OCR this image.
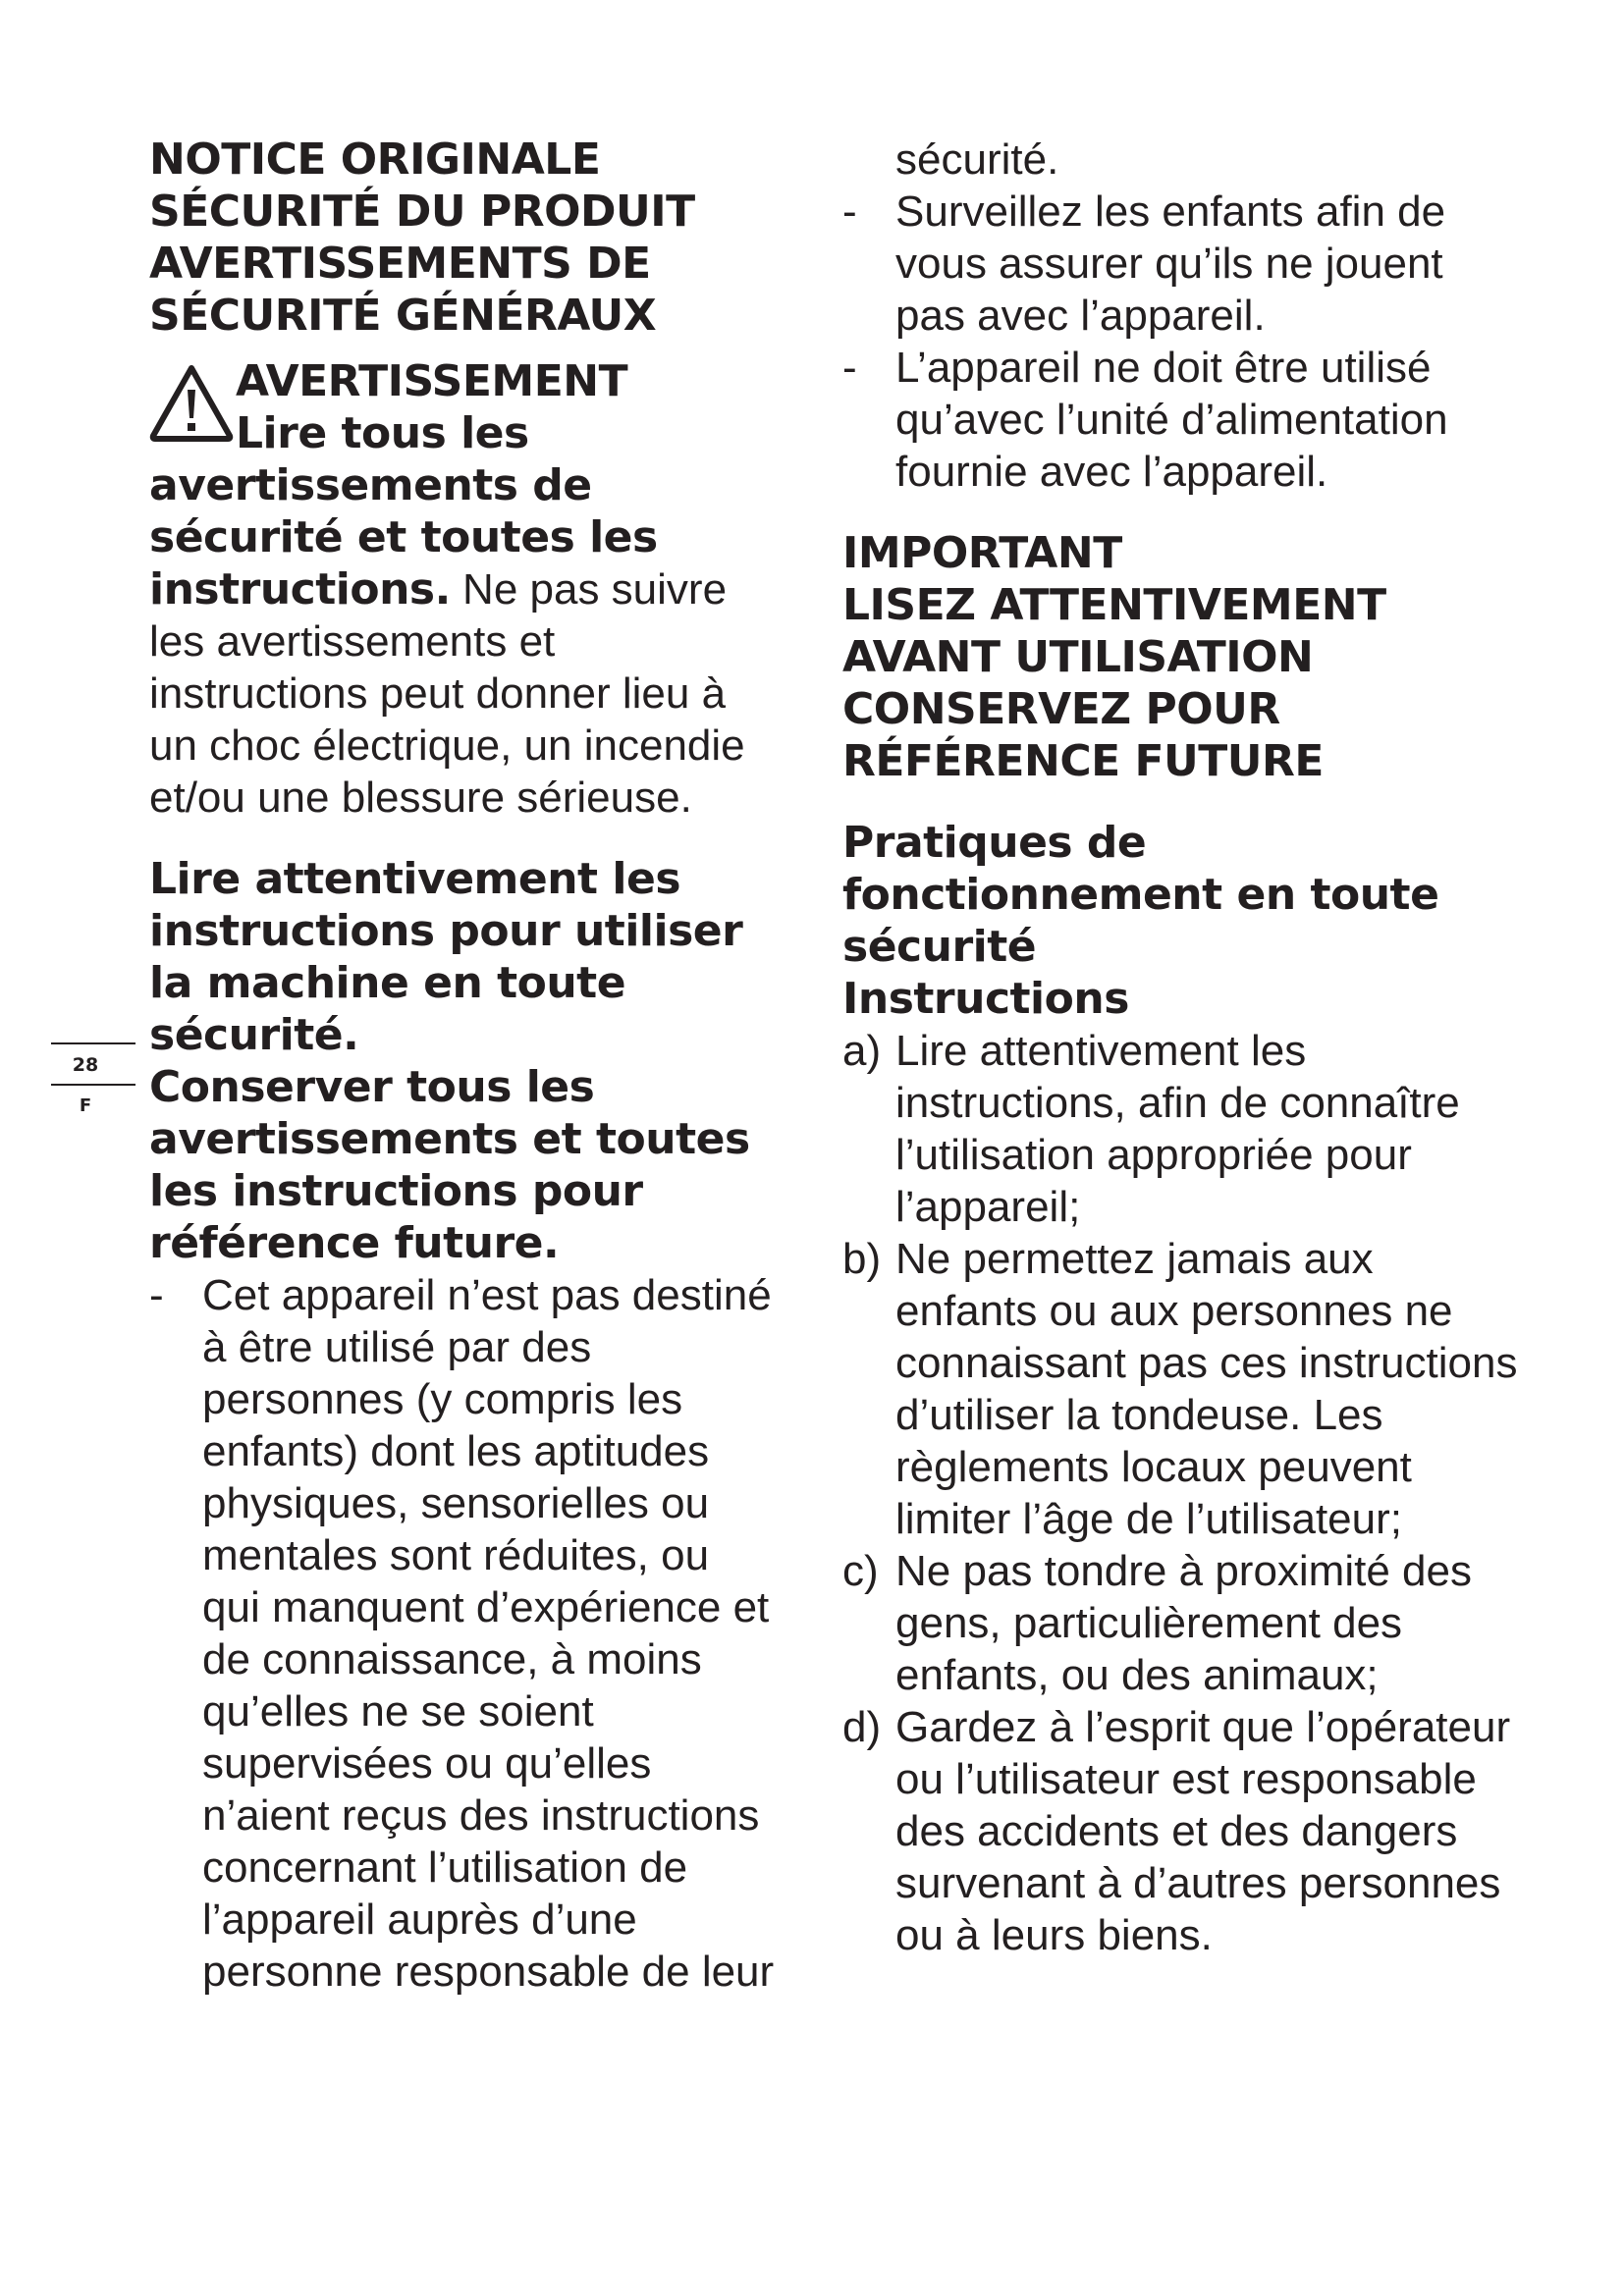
28
F

NOTICE ORIGINALE

SÉCURITÉ DU PRODUIT

AVERTISSEMENTS DE

SÉCURITÉ GÉNÉRAUX

AVERTISSEMENT

Lire tous les avertissements de sécurité et toutes les instructions. Ne pas suivre les avertissements et instructions peut donner lieu à un choc électrique, un incendie et/ou une blessure sérieuse.

Lire attentivement les instructions pour utiliser la machine en toute sécurité.

Conserver tous les avertissements et toutes les instructions pour référence future.

- Cet appareil n’est pas destiné à être utilisé par des personnes (y compris les enfants) dont les aptitudes physiques, sensorielles ou mentales sont réduites, ou qui manquent d’expérience et de connaissance, à moins qu’elles ne se soient supervisées ou qu’elles n’aient reçus des instructions concernant l’utilisation de l’appareil auprès d’une personne responsable de leur

sécurité.

- Surveillez les enfants afin de vous assurer qu’ils ne jouent pas avec l’appareil.
- L’appareil ne doit être utilisé qu’avec l’unité d’alimentation fournie avec l’appareil.

IMPORTANT

LISEZ ATTENTIVEMENT

AVANT UTILISATION

CONSERVEZ POUR

RÉFÉRENCE FUTURE

Pratiques de fonctionnement en toute sécurité

Instructions

a) Lire attentivement les instructions, afin de connaître l’utilisation appropriée pour l’appareil;
b) Ne permettez jamais aux enfants ou aux personnes ne connaissant pas ces instructions d’utiliser la tondeuse. Les règlements locaux peuvent limiter l’âge de l’utilisateur;
c) Ne pas tondre à proximité des gens, particulièrement des enfants, ou des animaux;
d) Gardez à l’esprit que l’opérateur ou l’utilisateur est responsable des accidents et des dangers survenant à d’autres personnes ou à leurs biens.
